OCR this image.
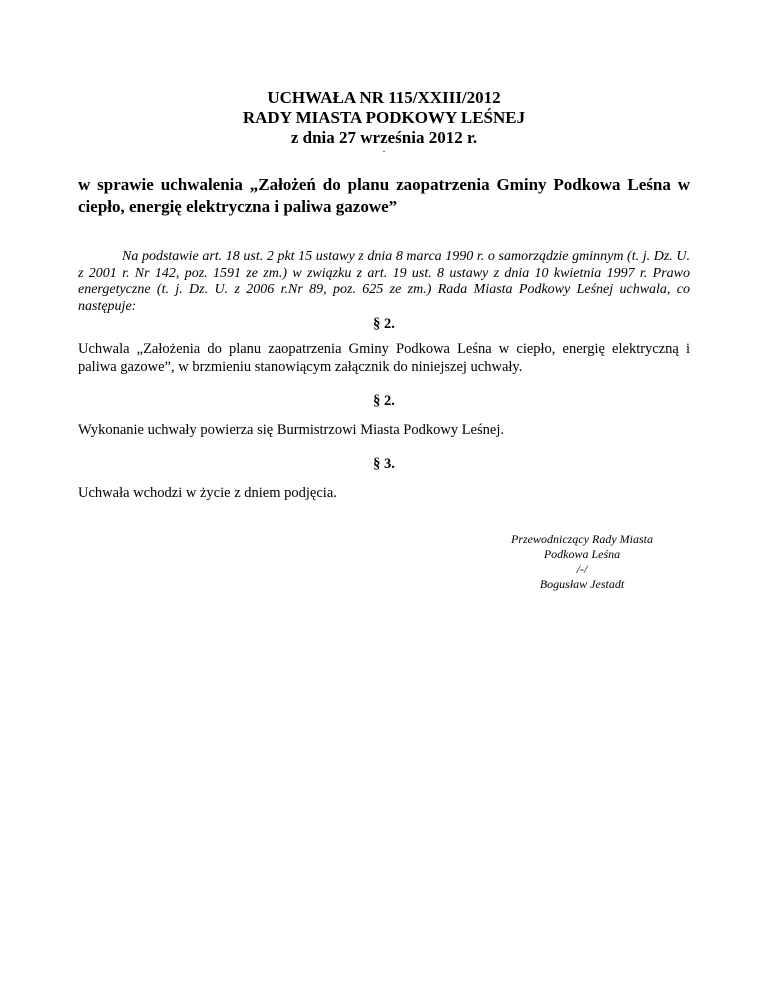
UCHWAŁA NR 115/XXIII/2012
RADY MIASTA PODKOWY LEŚNEJ
z dnia 27 września 2012 r.
.
w sprawie uchwalenia „Założeń do planu zaopatrzenia Gminy Podkowa Leśna w ciepło, energię elektryczna i paliwa gazowe”
Na podstawie art. 18 ust. 2 pkt 15 ustawy z dnia 8 marca 1990 r. o samorządzie gminnym (t. j. Dz. U. z 2001 r. Nr 142, poz. 1591 ze zm.) w związku z art. 19 ust. 8 ustawy z dnia 10 kwietnia 1997 r. Prawo energetyczne (t. j. Dz. U. z 2006 r.Nr 89, poz. 625 ze zm.) Rada Miasta Podkowy Leśnej uchwala, co następuje:
§ 2.
Uchwala „Założenia do planu zaopatrzenia Gminy Podkowa Leśna w ciepło, energię elektryczną i paliwa gazowe”, w brzmieniu stanowiącym załącznik do niniejszej uchwały.
§ 2.
Wykonanie uchwały powierza się Burmistrzowi Miasta Podkowy Leśnej.
§ 3.
Uchwała wchodzi w życie z dniem podjęcia.
Przewodniczący Rady Miasta
Podkowa Leśna
/-/
Bogusław Jestadt
